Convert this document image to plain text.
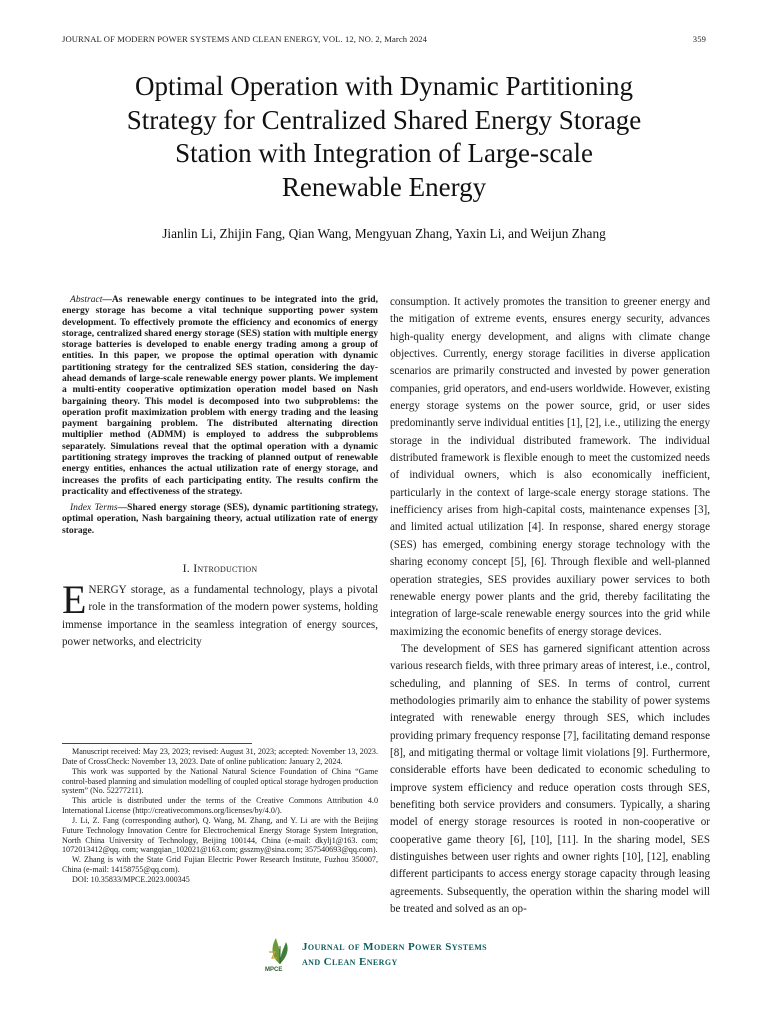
JOURNAL OF MODERN POWER SYSTEMS AND CLEAN ENERGY, VOL. 12, NO. 2, March 2024	359
Optimal Operation with Dynamic Partitioning
Strategy for Centralized Shared Energy Storage
Station with Integration of Large-scale
Renewable Energy
Jianlin Li, Zhijin Fang, Qian Wang, Mengyuan Zhang, Yaxin Li, and Weijun Zhang

Abstract—As renewable energy continues to be integrated into the grid, energy storage has become a vital technique supporting power system development. To effectively promote the efficiency and economics of energy storage, centralized shared energy storage (SES) station with multiple energy storage batteries is developed to enable energy trading among a group of entities. In this paper, we propose the optimal operation with dynamic partitioning strategy for the centralized SES station, considering the day-ahead demands of large-scale renewable energy power plants. We implement a multi-entity cooperative optimization operation model based on Nash bargaining theory. This model is decomposed into two subproblems: the operation profit maximization problem with energy trading and the leasing payment bargaining problem. The distributed alternating direction multiplier method (ADMM) is employed to address the subproblems separately. Simulations reveal that the optimal operation with a dynamic partitioning strategy improves the tracking of planned output of renewable energy entities, enhances the actual utilization rate of energy storage, and increases the profits of each participating entity. The results confirm the practicality and effectiveness of the strategy.

Index Terms—Shared energy storage (SES), dynamic partitioning strategy, optimal operation, Nash bargaining theory, actual utilization rate of energy storage.

I. Introduction

ENERGY storage, as a fundamental technology, plays a pivotal role in the transformation of the modern power systems, holding immense importance in the seamless integration of energy sources, power networks, and electricity

Manuscript received: May 23, 2023; revised: August 31, 2023; accepted: November 13, 2023. Date of CrossCheck: November 13, 2023. Date of online publication: January 2, 2024.

This work was supported by the National Natural Science Foundation of China “Game control-based planning and simulation modelling of coupled optical storage hydrogen production system” (No. 52277211).

This article is distributed under the terms of the Creative Commons Attribution 4.0 International License (http://creativecommons.org/licenses/by/4.0/).

J. Li, Z. Fang (corresponding author), Q. Wang, M. Zhang, and Y. Li are with the Beijing Future Technology Innovation Centre for Electrochemical Energy Storage System Integration, North China University of Technology, Beijing 100144, China (e-mail: dkylj1@163. com; 1072013412@qq. com; wangqian_102021@163.com; gsszmy@sina.com; 357540693@qq.com).

W. Zhang is with the State Grid Fujian Electric Power Research Institute, Fuzhou 350007, China (e-mail: 14158755@qq.com).

DOI: 10.35833/MPCE.2023.000345

consumption. It actively promotes the transition to greener energy and the mitigation of extreme events, ensures energy security, advances high-quality energy development, and aligns with climate change objectives. Currently, energy storage facilities in diverse application scenarios are primarily constructed and invested by power generation companies, grid operators, and end-users worldwide. However, existing energy storage systems on the power source, grid, or user sides predominantly serve individual entities [1], [2], i.e., utilizing the energy storage in the individual distributed framework. The individual distributed framework is flexible enough to meet the customized needs of individual owners, which is also economically inefficient, particularly in the context of large-scale energy storage stations. The inefficiency arises from high-capital costs, maintenance expenses [3], and limited actual utilization [4]. In response, shared energy storage (SES) has emerged, combining energy storage technology with the sharing economy concept [5], [6]. Through flexible and well-planned operation strategies, SES provides auxiliary power services to both renewable energy power plants and the grid, thereby facilitating the integration of large-scale renewable energy sources into the grid while maximizing the economic benefits of energy storage devices.

The development of SES has garnered significant attention across various research fields, with three primary areas of interest, i.e., control, scheduling, and planning of SES. In terms of control, current methodologies primarily aim to enhance the stability of power systems integrated with renewable energy through SES, which includes providing primary frequency response [7], facilitating demand response [8], and mitigating thermal or voltage limit violations [9]. Furthermore, considerable efforts have been dedicated to economic scheduling to improve system efficiency and reduce operation costs through SES, benefiting both service providers and consumers. Typically, a sharing model of energy storage resources is rooted in non-cooperative or cooperative game theory [6], [10], [11]. In the sharing model, SES distinguishes between user rights and owner rights [10], [12], enabling different participants to access energy storage capacity through leasing agreements. Subsequently, the operation within the sharing model will be treated and solved as an op-

MPCE
Journal of Modern Power Systems
and Clean Energy
